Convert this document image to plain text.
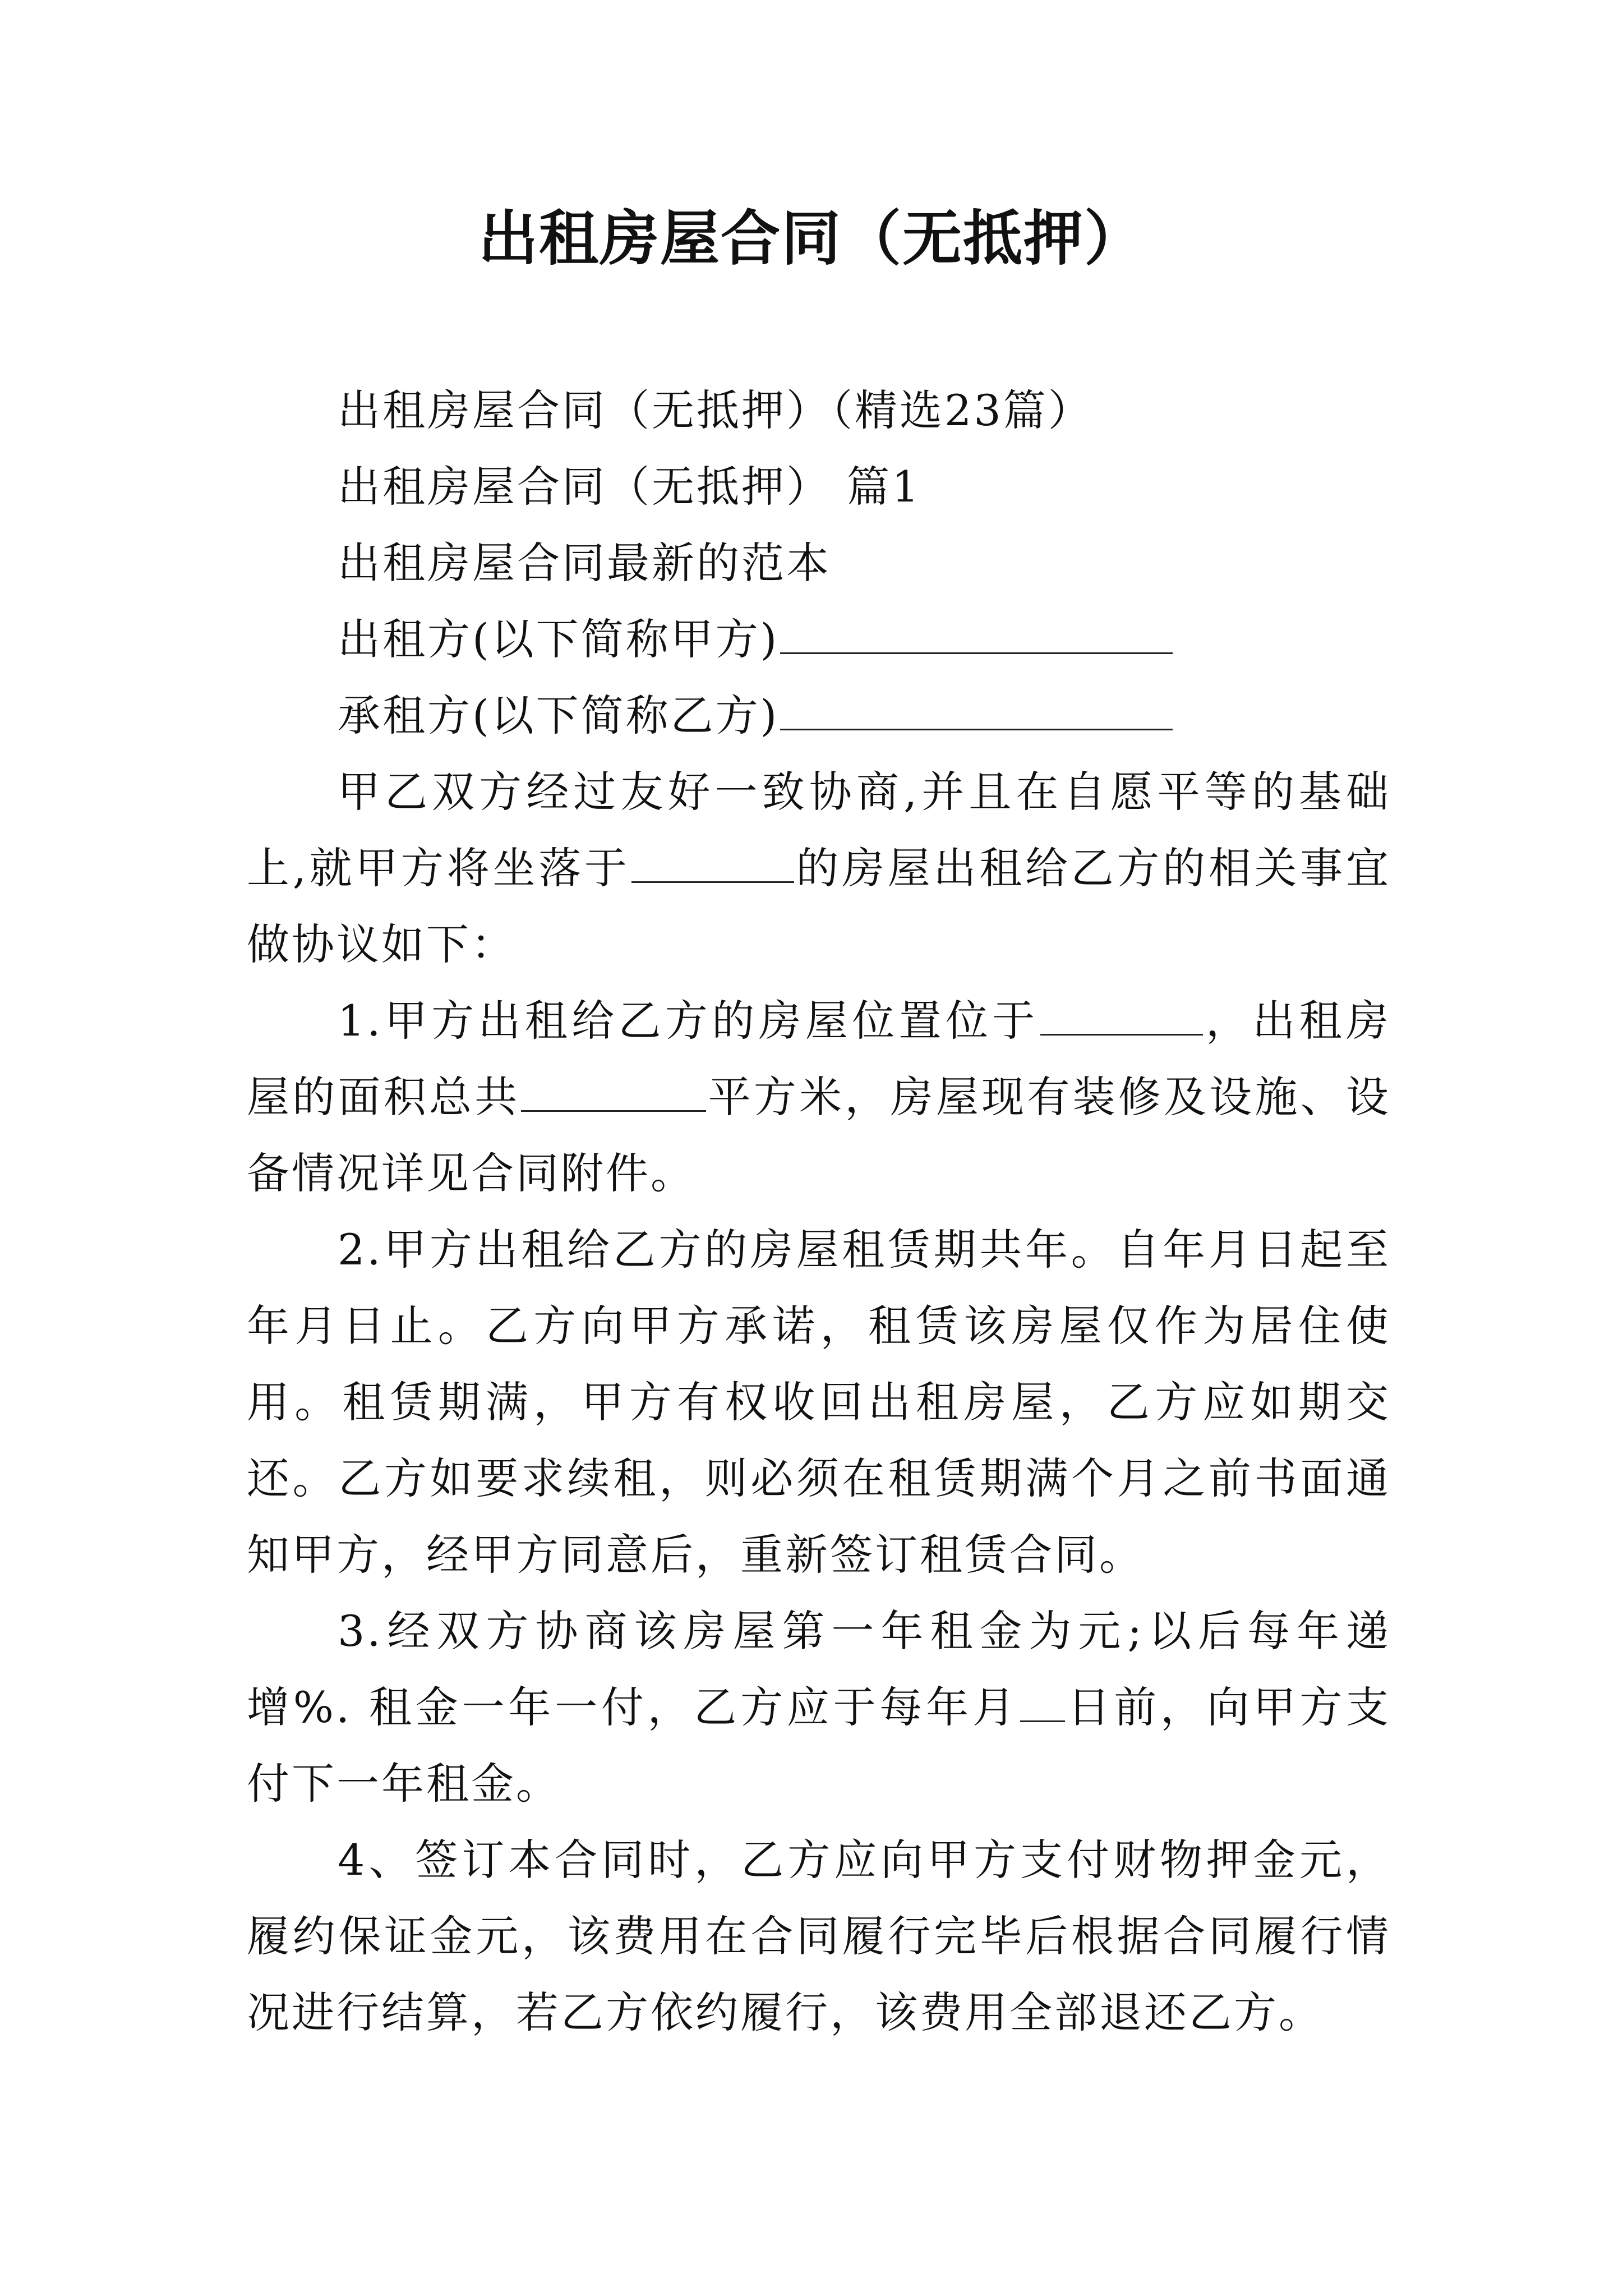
出租房屋合同（无抵押）
出租房屋合同（无抵押）（精选23篇）
出租房屋合同（无抵押） 篇1
出租房屋合同最新的范本
出租方(以下简称甲方)
承租方(以下简称乙方)

甲乙双方经过友好一致协商,并且在自愿平等的基础上,就甲方将坐落于	的房屋出租给乙方的相关事宜做协议如下：

1.甲方出租给乙方的房屋位置位于	，出租房屋的面积总共	平方米，房屋现有装修及设施、设备情况详见合同附件。

2.甲方出租给乙方的房屋租赁期共年。自年月日起至年月日止。乙方向甲方承诺，租赁该房屋仅作为居住使用。租赁期满，甲方有权收回出租房屋，乙方应如期交还。乙方如要求续租，则必须在租赁期满个月之前书面通知甲方，经甲方同意后，重新签订租赁合同。

3.经双方协商该房屋第一年租金为元;以后每年递增%. 租金一年一付，乙方应于每年月 日前，向甲方支付下一年租金。

4、签订本合同时，乙方应向甲方支付财物押金元，履约保证金元，该费用在合同履行完毕后根据合同履行情况进行结算，若乙方依约履行，该费用全部退还乙方。
